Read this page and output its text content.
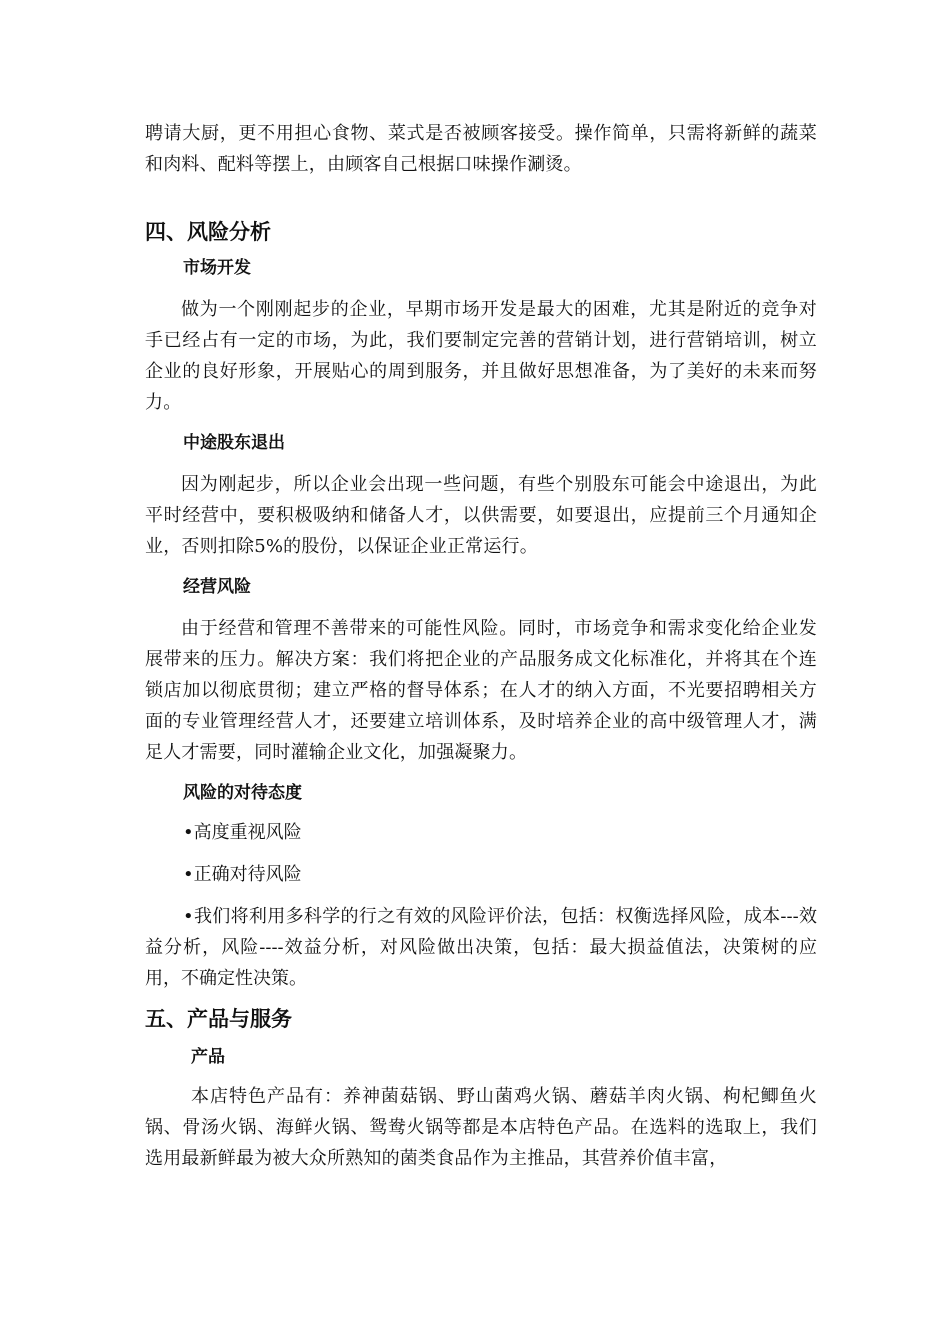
聘请大厨，更不用担心食物、菜式是否被顾客接受。操作简单，只需将新鲜的蔬菜和肉料、配料等摆上，由顾客自己根据口味操作涮烫。

四、风险分析
市场开发

做为一个刚刚起步的企业，早期市场开发是最大的困难，尤其是附近的竞争对手已经占有一定的市场，为此，我们要制定完善的营销计划，进行营销培训，树立企业的良好形象，开展贴心的周到服务，并且做好思想准备，为了美好的未来而努力。

中途股东退出

因为刚起步，所以企业会出现一些问题，有些个别股东可能会中途退出，为此平时经营中，要积极吸纳和储备人才，以供需要，如要退出，应提前三个月通知企业，否则扣除5%的股份，以保证企业正常运行。

经营风险

由于经营和管理不善带来的可能性风险。同时，市场竞争和需求变化给企业发展带来的压力。解决方案：我们将把企业的产品服务成文化标准化，并将其在个连锁店加以彻底贯彻；建立严格的督导体系；在人才的纳入方面，不光要招聘相关方面的专业管理经营人才，还要建立培训体系，及时培养企业的高中级管理人才，满足人才需要，同时灌输企业文化，加强凝聚力。

风险的对待态度

•高度重视风险

•正确对待风险

•我们将利用多科学的行之有效的风险评价法，包括：权衡选择风险，成本---效益分析，风险----效益分析，对风险做出决策，包括：最大损益值法，决策树的应用，不确定性决策。

五、产品与服务
产品

本店特色产品有：养神菌菇锅、野山菌鸡火锅、蘑菇羊肉火锅、枸杞鲫鱼火锅、骨汤火锅、海鲜火锅、鸳鸯火锅等都是本店特色产品。在选料的选取上，我们选用最新鲜最为被大众所熟知的菌类食品作为主推品，其营养价值丰富，
